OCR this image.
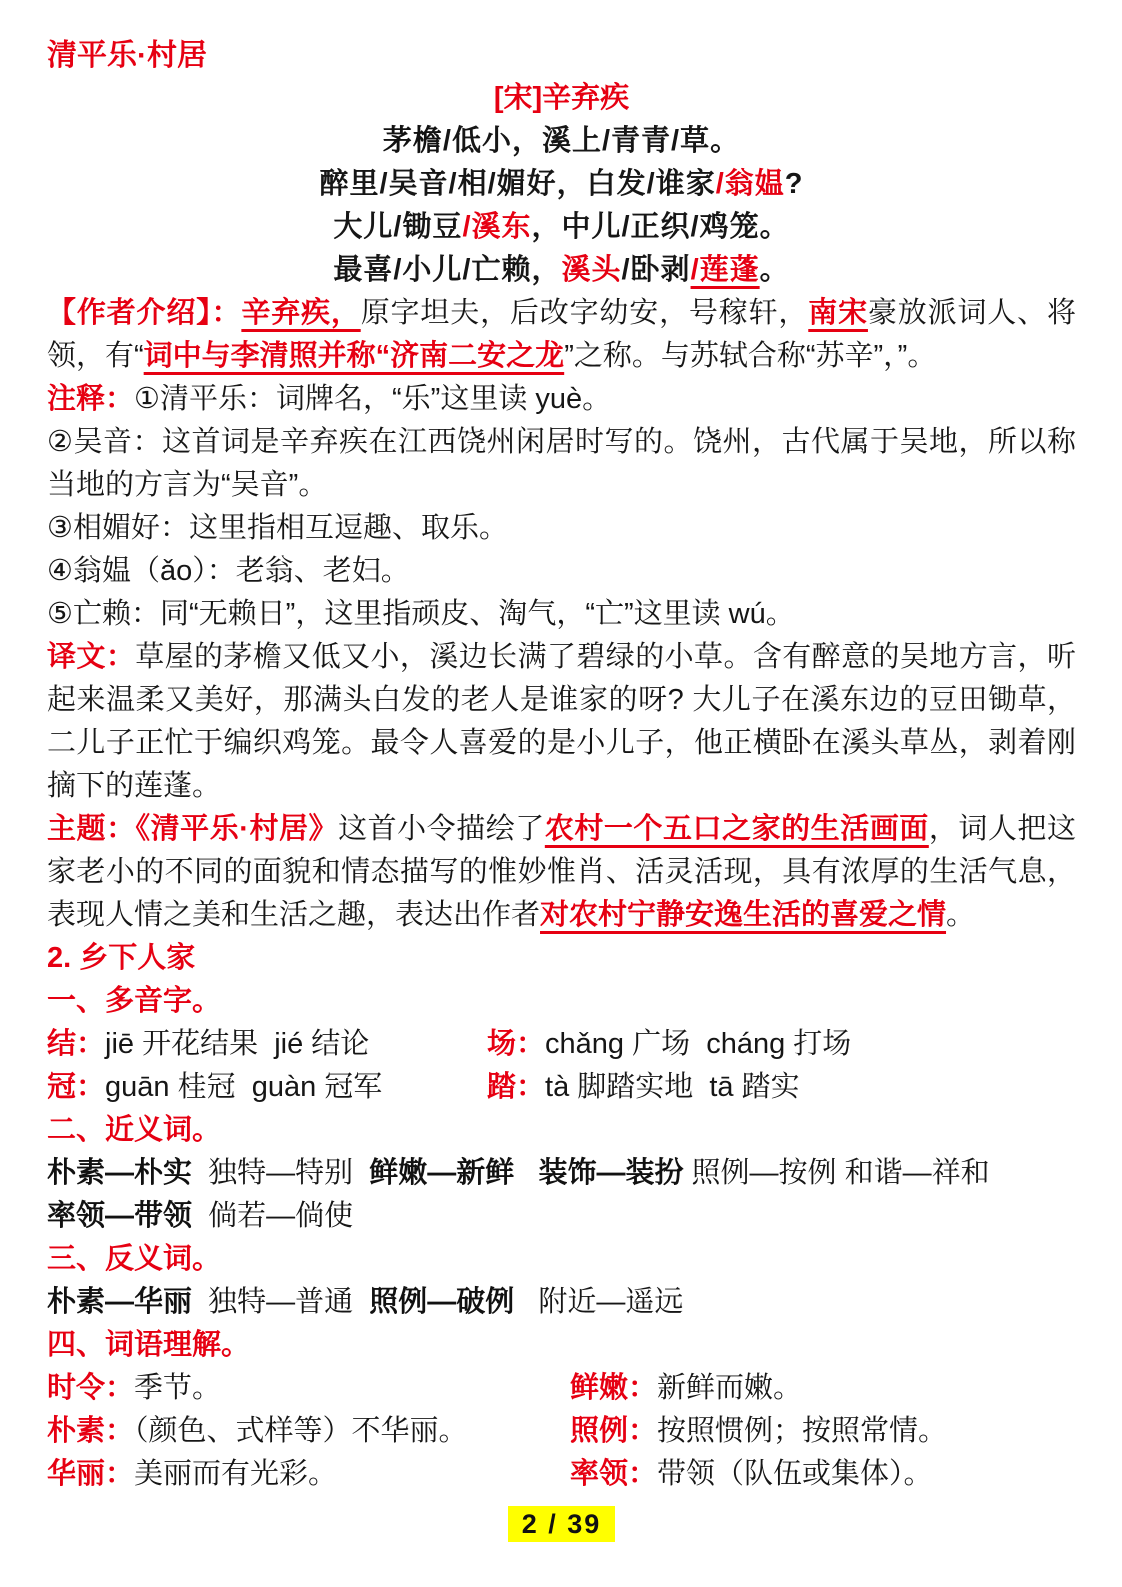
清平乐·村居
[宋]辛弃疾
茅檐/低小，溪上/青青/草。
醉里/吴音/相/媚好，白发/谁家/翁媪?
大儿/锄豆/溪东，中儿/正织/鸡笼。
最喜/小儿/亡赖，溪头/卧剥/莲蓬。
【作者介绍】：辛弃疾，原字坦夫，后改字幼安，号稼轩，南宋豪放派词人、将领，有“词中与李清照并称“济南二安之龙”之称。与苏轼合称“苏辛”，”。
注释：①清平乐：词牌名，“乐”这里读 yuè。
②吴音：这首词是辛弃疾在江西饶州闲居时写的。饶州，古代属于吴地，所以称当地的方言为“吴音”。
③相媚好：这里指相互逗趣、取乐。
④翁媪（ǎo）：老翁、老妇。
⑤亡赖：同“无赖日”，这里指顽皮、淘气，“亡”这里读 wú。
译文：草屋的茅檐又低又小，溪边长满了碧绿的小草。含有醉意的吴地方言，听起来温柔又美好，那满头白发的老人是谁家的呀? 大儿子在溪东边的豆田锄草，二儿子正忙于编织鸡笼。最令人喜爱的是小儿子，他正横卧在溪头草丛，剥着刚摘下的莲蓬。
主题：《清平乐·村居》这首小令描绘了农村一个五口之家的生活画面，词人把这家老小的不同的面貌和情态描写的惟妙惟肖、活灵活现，具有浓厚的生活气息，表现人情之美和生活之趣，表达出作者对农村宁静安逸生活的喜爱之情。
2. 乡下人家
一、多音字。
结：jiē 开花结果  jié 结论	场：chǎng 广场  cháng 打场
冠：guān 桂冠  guàn 冠军	踏：tà 脚踏实地  tā 踏实
二、近义词。
朴素—朴实  独特—特别  鲜嫩—新鲜 装饰—装扮 照例—按例 和谐—祥和
率领—带领  倘若—倘使
三、反义词。
朴素—华丽  独特—普通  照例—破例   附近—遥远
四、词语理解。
时令：季节。	鲜嫩：新鲜而嫩。
朴素：（颜色、式样等）不华丽。	照例：按照惯例；按照常情。
华丽：美丽而有光彩。	率领：带领（队伍或集体）。
2 / 39
